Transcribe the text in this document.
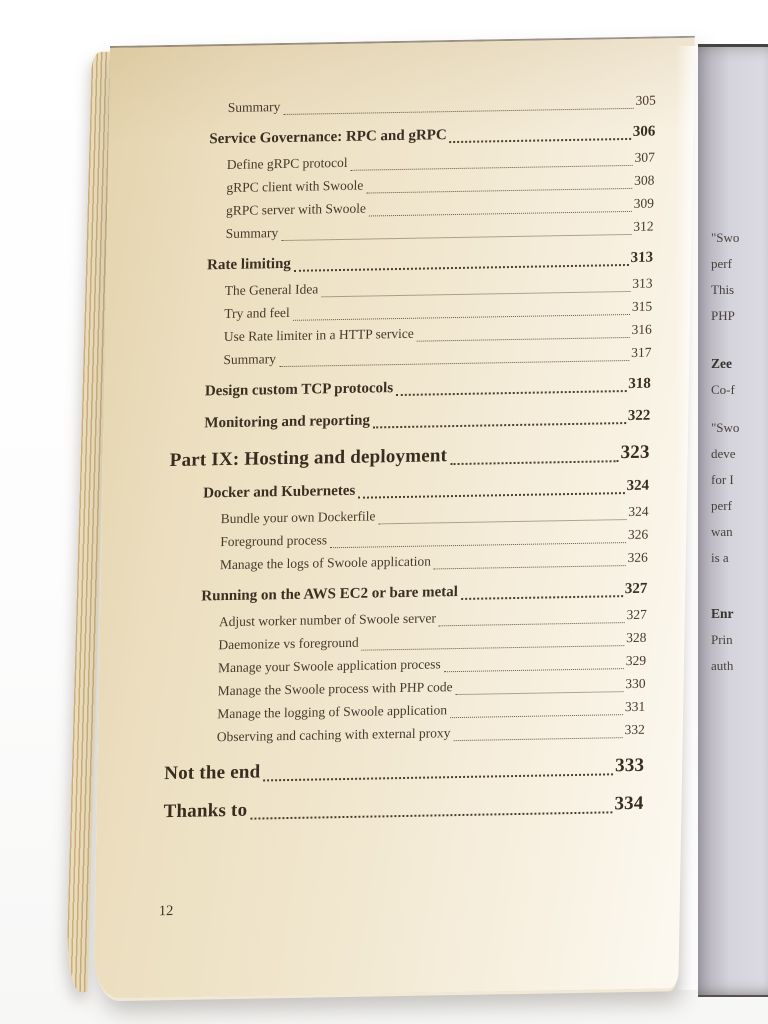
Summary	305
Service Governance: RPC and gRPC	306
Define gRPC protocol	307
gRPC client with Swoole	308
gRPC server with Swoole	309
Summary	312
Rate limiting	313
The General Idea	313
Try and feel	315
Use Rate limiter in a HTTP service	316
Summary	317
Design custom TCP protocols	318
Monitoring and reporting	322
Part IX: Hosting and deployment	323
Docker and Kubernetes	324
Bundle your own Dockerfile	324
Foreground process	326
Manage the logs of Swoole application	326
Running on the AWS EC2 or bare metal	327
Adjust worker number of Swoole server	327
Daemonize vs foreground	328
Manage your Swoole application process	329
Manage the Swoole process with PHP code	330
Manage the logging of Swoole application	331
Observing and caching with external proxy	332
Not the end	333
Thanks to	334
12
"Swo
perf
This
PHP
Zee
Co-f
"Swo
deve
for I
perf
wan
is a
Enr
Prin
auth
